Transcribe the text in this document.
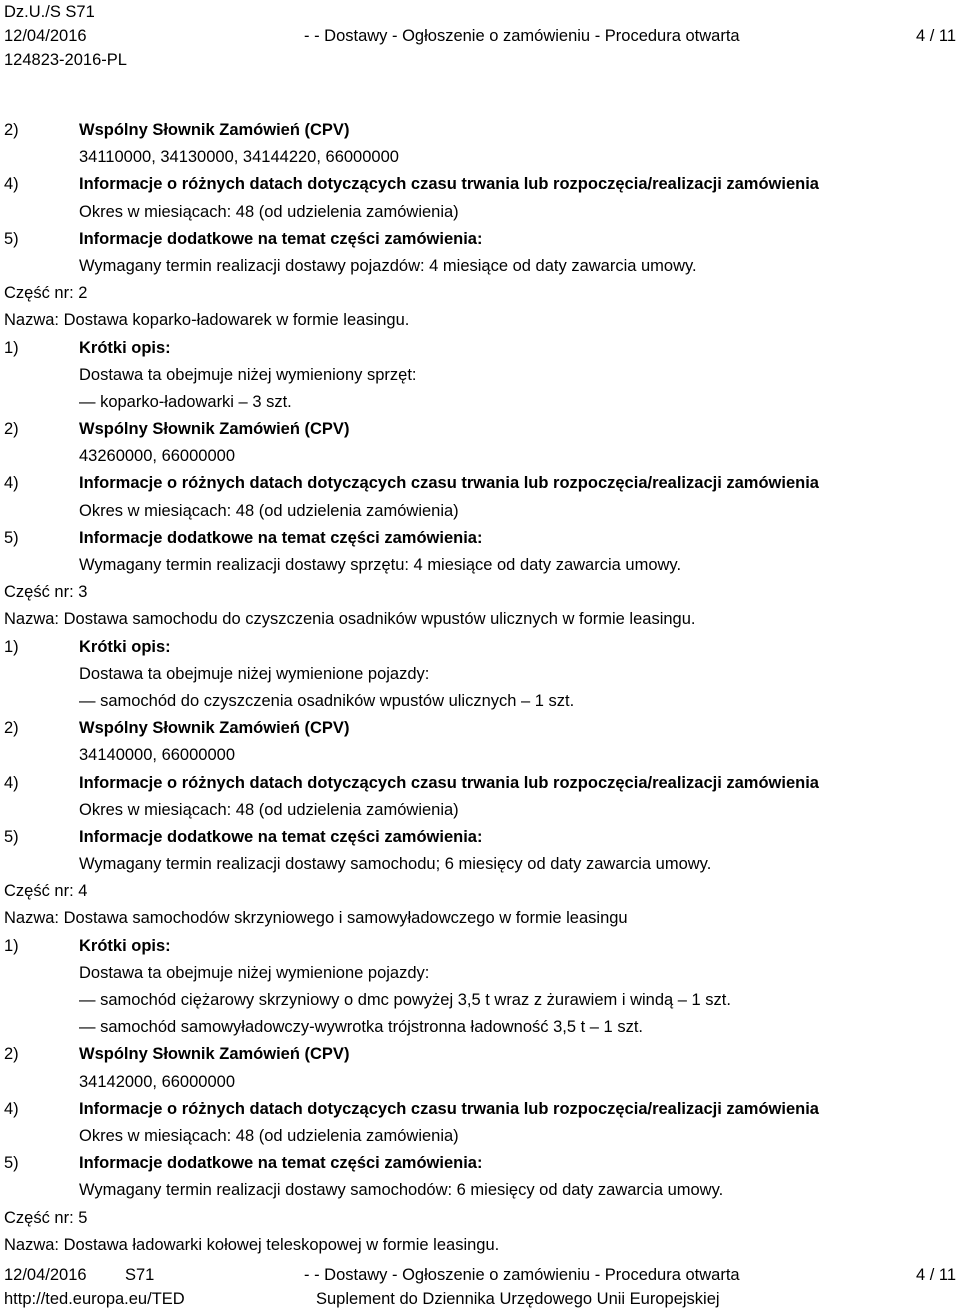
Dz.U./S S71
12/04/2016	- - Dostawy - Ogłoszenie o zamówieniu - Procedura otwarta	4 / 11
124823-2016-PL
2)	Wspólny Słownik Zamówień (CPV)
34110000, 34130000, 34144220, 66000000
4)	Informacje o różnych datach dotyczących czasu trwania lub rozpoczęcia/realizacji zamówienia
Okres w miesiącach: 48 (od udzielenia zamówienia)
5)	Informacje dodatkowe na temat części zamówienia:
Wymagany termin realizacji dostawy pojazdów: 4 miesiące od daty zawarcia umowy.
Część nr: 2
Nazwa: Dostawa koparko-ładowarek w formie leasingu.
1)	Krótki opis:
Dostawa ta obejmuje niżej wymieniony sprzęt:
— koparko-ładowarki – 3 szt.
2)	Wspólny Słownik Zamówień (CPV)
43260000, 66000000
4)	Informacje o różnych datach dotyczących czasu trwania lub rozpoczęcia/realizacji zamówienia
Okres w miesiącach: 48 (od udzielenia zamówienia)
5)	Informacje dodatkowe na temat części zamówienia:
Wymagany termin realizacji dostawy sprzętu: 4 miesiące od daty zawarcia umowy.
Część nr: 3
Nazwa: Dostawa samochodu do czyszczenia osadników wpustów ulicznych w formie leasingu.
1)	Krótki opis:
Dostawa ta obejmuje niżej wymienione pojazdy:
— samochód do czyszczenia osadników wpustów ulicznych – 1 szt.
2)	Wspólny Słownik Zamówień (CPV)
34140000, 66000000
4)	Informacje o różnych datach dotyczących czasu trwania lub rozpoczęcia/realizacji zamówienia
Okres w miesiącach: 48 (od udzielenia zamówienia)
5)	Informacje dodatkowe na temat części zamówienia:
Wymagany termin realizacji dostawy samochodu; 6 miesięcy od daty zawarcia umowy.
Część nr: 4
Nazwa: Dostawa samochodów skrzyniowego i samowyładowczego w formie leasingu
1)	Krótki opis:
Dostawa ta obejmuje niżej wymienione pojazdy:
— samochód ciężarowy skrzyniowy o dmc powyżej 3,5 t wraz z żurawiem i windą – 1 szt.
— samochód samowyładowczy-wywrotka trójstronna ładowność 3,5 t – 1 szt.
2)	Wspólny Słownik Zamówień (CPV)
34142000, 66000000
4)	Informacje o różnych datach dotyczących czasu trwania lub rozpoczęcia/realizacji zamówienia
Okres w miesiącach: 48 (od udzielenia zamówienia)
5)	Informacje dodatkowe na temat części zamówienia:
Wymagany termin realizacji dostawy samochodów: 6 miesięcy od daty zawarcia umowy.
Część nr: 5
Nazwa: Dostawa ładowarki kołowej teleskopowej w formie leasingu.
12/04/2016 S71	- - Dostawy - Ogłoszenie o zamówieniu - Procedura otwarta	4 / 11
http://ted.europa.eu/TED	Suplement do Dziennika Urzędowego Unii Europejskiej
